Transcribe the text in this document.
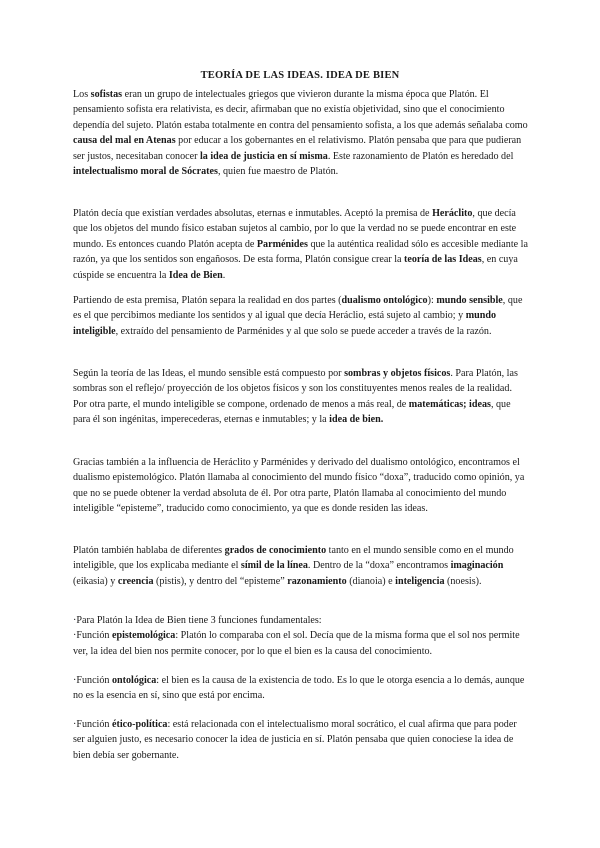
TEORÍA DE LAS IDEAS. IDEA DE BIEN

Los sofistas eran un grupo de intelectuales griegos que vivieron durante la misma época que Platón. El pensamiento sofista era relativista, es decir, afirmaban que no existía objetividad, sino que el conocimiento dependía del sujeto. Platón estaba totalmente en contra del pensamiento sofista, a los que además señalaba como causa del mal en Atenas por educar a los gobernantes en el relativismo. Platón pensaba que para que pudieran ser justos, necesitaban conocer la idea de justicia en sí misma. Este razonamiento de Platón es heredado del intelectualismo moral de Sócrates, quien fue maestro de Platón.

Platón decía que existían verdades absolutas, eternas e inmutables. Aceptó la premisa de Heráclito, que decía que los objetos del mundo físico estaban sujetos al cambio, por lo que la verdad no se puede encontrar en este mundo. Es entonces cuando Platón acepta de Parménides que la auténtica realidad sólo es accesible mediante la razón, ya que los sentidos son engañosos. De esta forma, Platón consigue crear la teoría de las Ideas, en cuya cúspide se encuentra la Idea de Bien.

Partiendo de esta premisa, Platón separa la realidad en dos partes (dualismo ontológico): mundo sensible, que es el que percibimos mediante los sentidos y al igual que decía Heráclio, está sujeto al cambio; y mundo inteligible, extraído del pensamiento de Parménides y al que solo se puede acceder a través de la razón.

Según la teoría de las Ideas, el mundo sensible está compuesto por sombras y objetos físicos. Para Platón, las sombras son el reflejo/ proyección de los objetos físicos y son los constituyentes menos reales de la realidad. Por otra parte, el mundo inteligible se compone, ordenado de menos a más real, de matemáticas; ideas, que para él son ingénitas, imperecederas, eternas e inmutables; y la idea de bien.

Gracias también a la influencia de Heráclito y Parménides y derivado del dualismo ontológico, encontramos el dualismo epistemológico. Platón llamaba al conocimiento del mundo físico “doxa”, traducido como opinión, ya que no se puede obtener la verdad absoluta de él. Por otra parte, Platón llamaba al conocimiento del mundo inteligible “episteme”, traducido como conocimiento, ya que es donde residen las ideas.

Platón también hablaba de diferentes grados de conocimiento tanto en el mundo sensible como en el mundo inteligible, que los explicaba mediante el símil de la línea. Dentro de la “doxa” encontramos imaginación (eikasia) y creencia (pistis), y dentro del “episteme” razonamiento (dianoia) e inteligencia (noesis).

·Para Platón la Idea de Bien tiene 3 funciones fundamentales:
·Función epistemológica: Platón lo comparaba con el sol. Decía que de la misma forma que el sol nos permite ver, la idea del bien nos permite conocer, por lo que el bien es la causa del conocimiento.

·Función ontológica: el bien es la causa de la existencia de todo. Es lo que le otorga esencia a lo demás, aunque no es la esencia en sí, sino que está por encima.

·Función ético-política: está relacionada con el intelectualismo moral socrático, el cual afirma que para poder ser alguien justo, es necesario conocer la idea de justicia en sí. Platón pensaba que quien conociese la idea de bien debía ser gobernante.
